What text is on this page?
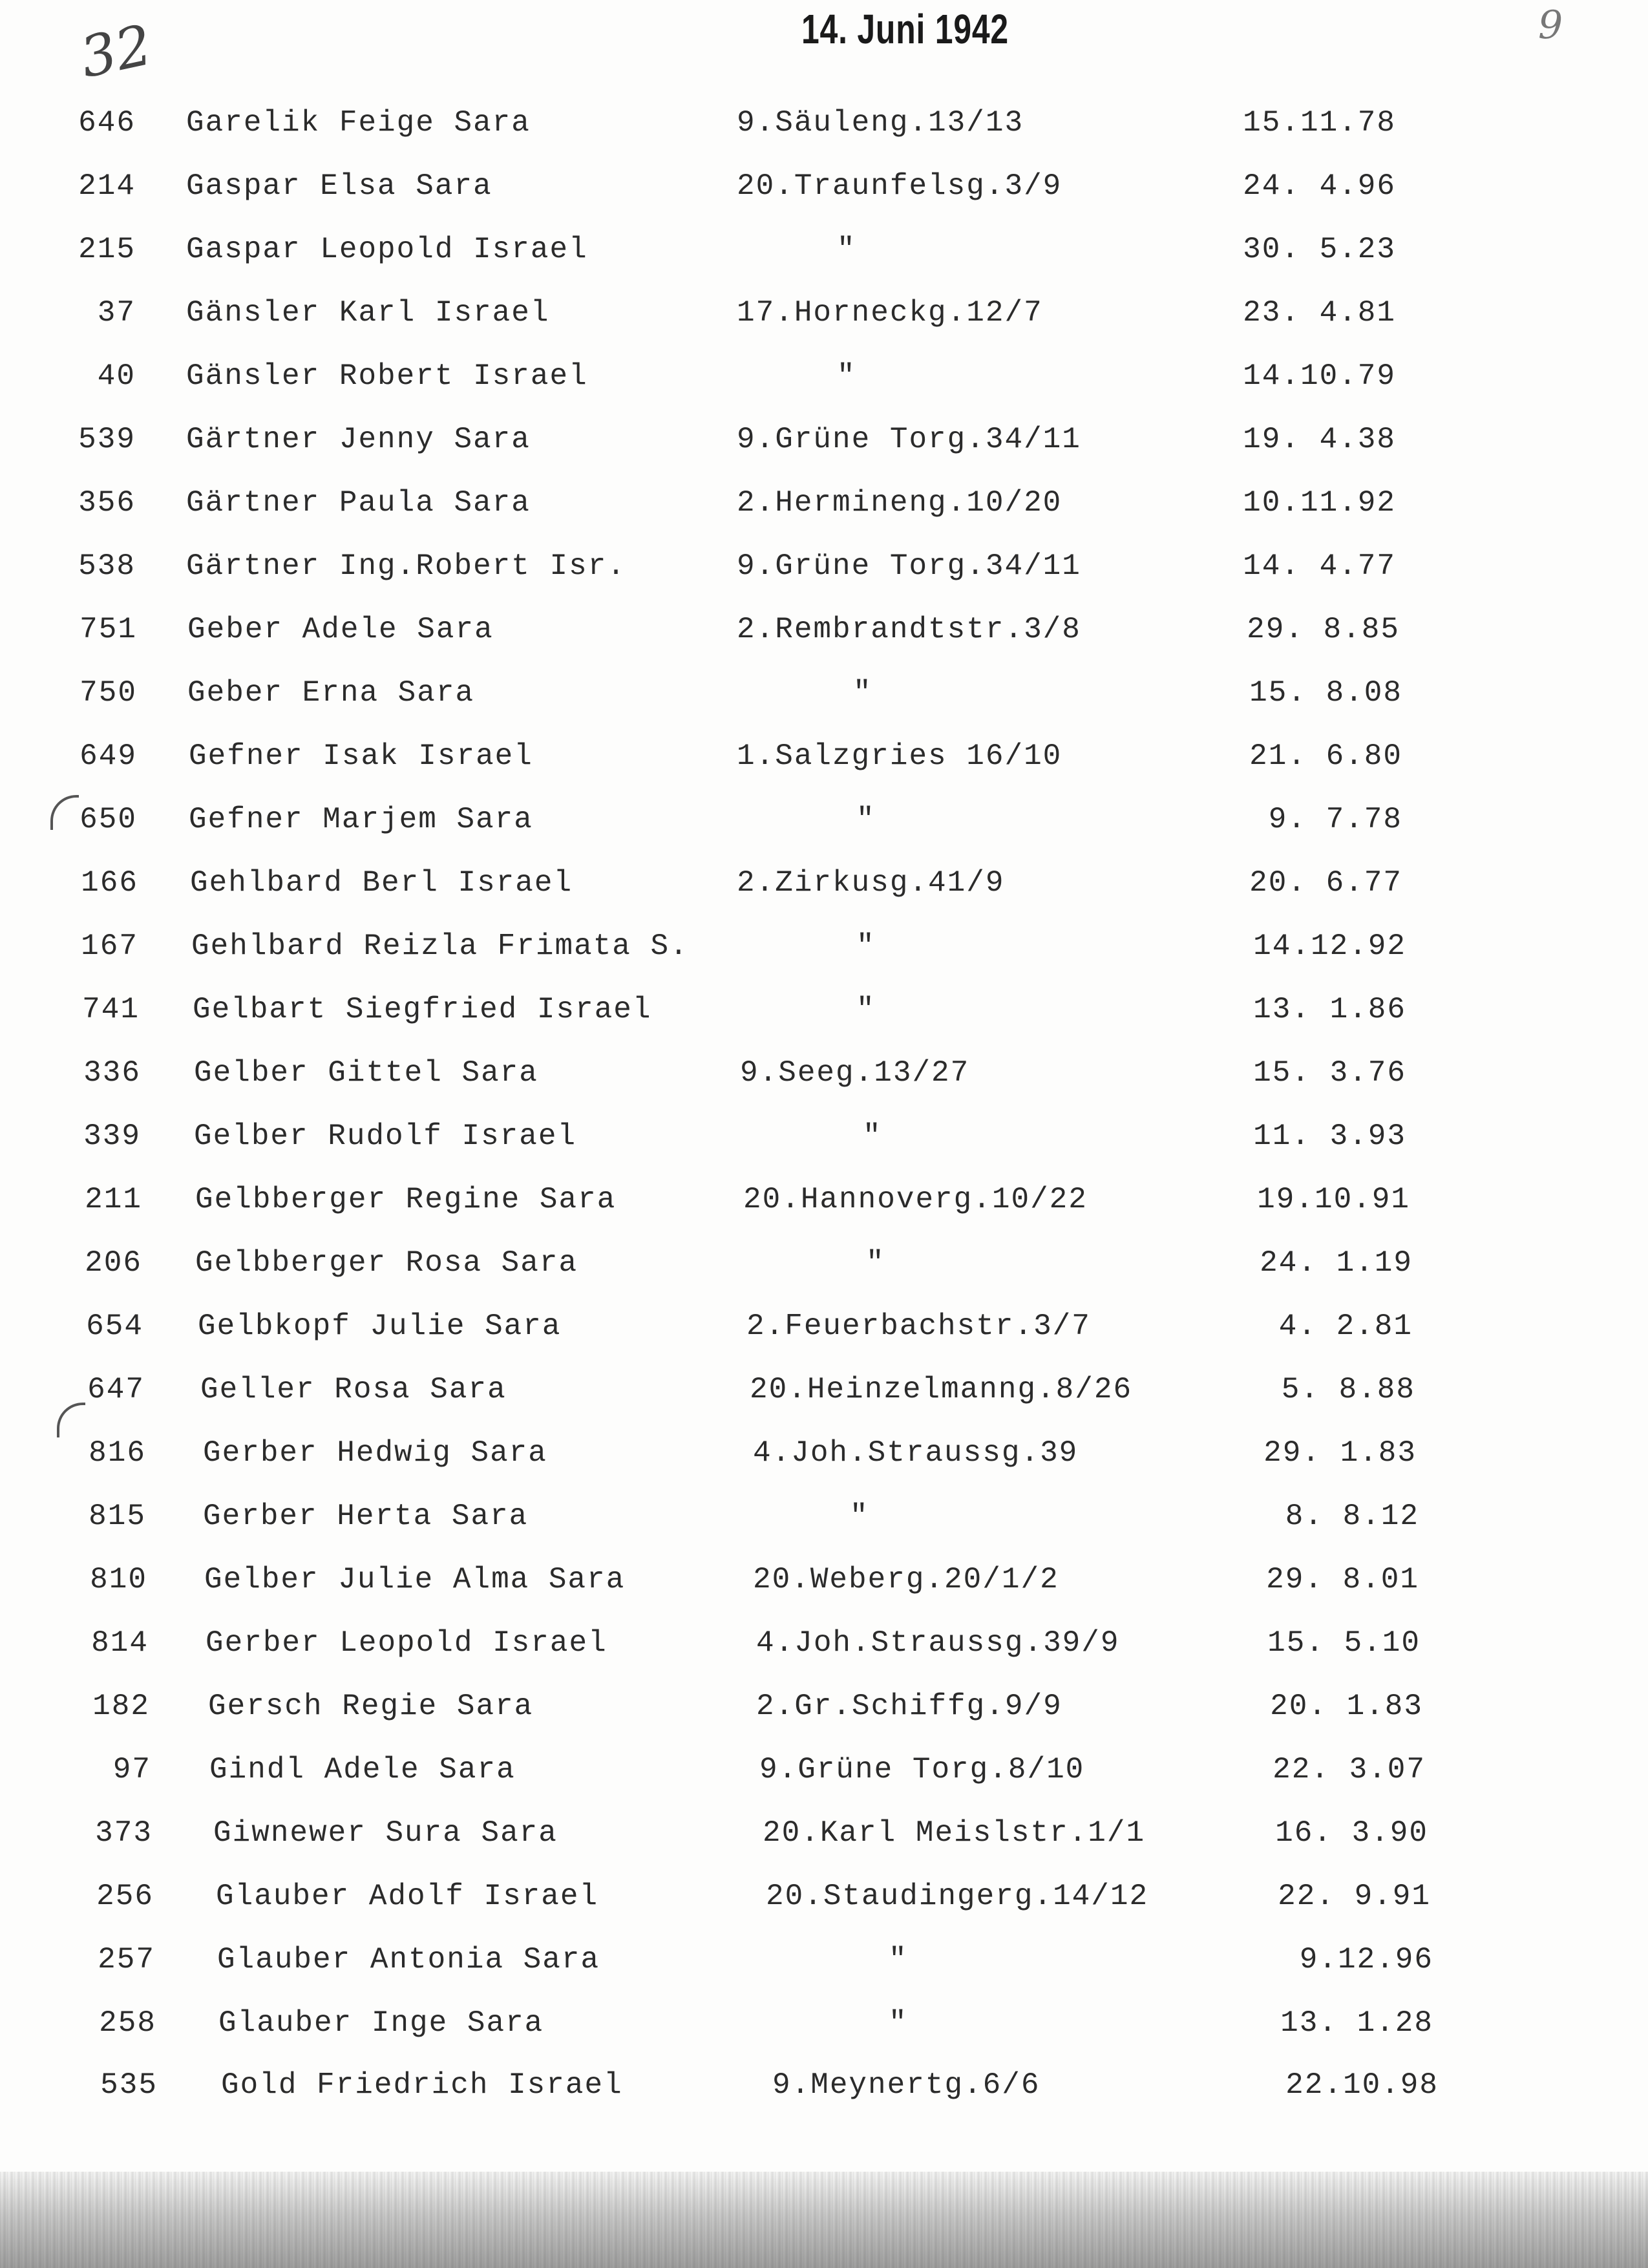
32	14. Juni 1942	9
646 Garelik Feige Sara	9.Säuleng.13/13	15.11.78
214 Gaspar Elsa Sara	20.Traunfelsg.3/9	24. 4.96
215 Gaspar Leopold Israel	"	30. 5.23
37 Gänsler Karl Israel	17.Horneckg.12/7	23. 4.81
40 Gänsler Robert Israel	"	14.10.79
539 Gärtner Jenny Sara	9.Grüne Torg.34/11	19. 4.38
356 Gärtner Paula Sara	2.Hermineng.10/20	10.11.92
538 Gärtner Ing.Robert Isr.	9.Grüne Torg.34/11	14. 4.77
751 Geber Adele Sara	2.Rembrandtstr.3/8	29. 8.85
750 Geber Erna Sara	"	15. 8.08
649 Gefner Isak Israel	1.Salzgries 16/10	21. 6.80
650 Gefner Marjem Sara	"	9. 7.78
166 Gehlbard Berl Israel	2.Zirkusg.41/9	20. 6.77
167 Gehlbard Reizla Frimata S.	"	14.12.92
741 Gelbart Siegfried Israel	"	13. 1.86
336 Gelber Gittel Sara	9.Seeg.13/27	15. 3.76
339 Gelber Rudolf Israel	"	11. 3.93
211 Gelbberger Regine Sara	20.Hannoverg.10/22	19.10.91
206 Gelbberger Rosa Sara	"	24. 1.19
654 Gelbkopf Julie Sara	2.Feuerbachstr.3/7	4. 2.81
647 Geller Rosa Sara	20.Heinzelmanng.8/26	5. 8.88
816 Gerber Hedwig Sara	4.Joh.Straussg.39	29. 1.83
815 Gerber Herta Sara	"	8. 8.12
810 Gelber Julie Alma Sara	20.Weberg.20/1/2	29. 8.01
814 Gerber Leopold Israel	4.Joh.Straussg.39/9	15. 5.10
182 Gersch Regie Sara	2.Gr.Schiffg.9/9	20. 1.83
97 Gindl Adele Sara	9.Grüne Torg.8/10	22. 3.07
373 Giwnewer Sura Sara	20.Karl Meislstr.1/1	16. 3.90
256 Glauber Adolf Israel	20.Staudingerg.14/12	22. 9.91
257 Glauber Antonia Sara	"	9.12.96
258 Glauber Inge Sara	"	13. 1.28
535 Gold Friedrich Israel	9.Meynertg.6/6	22.10.98
